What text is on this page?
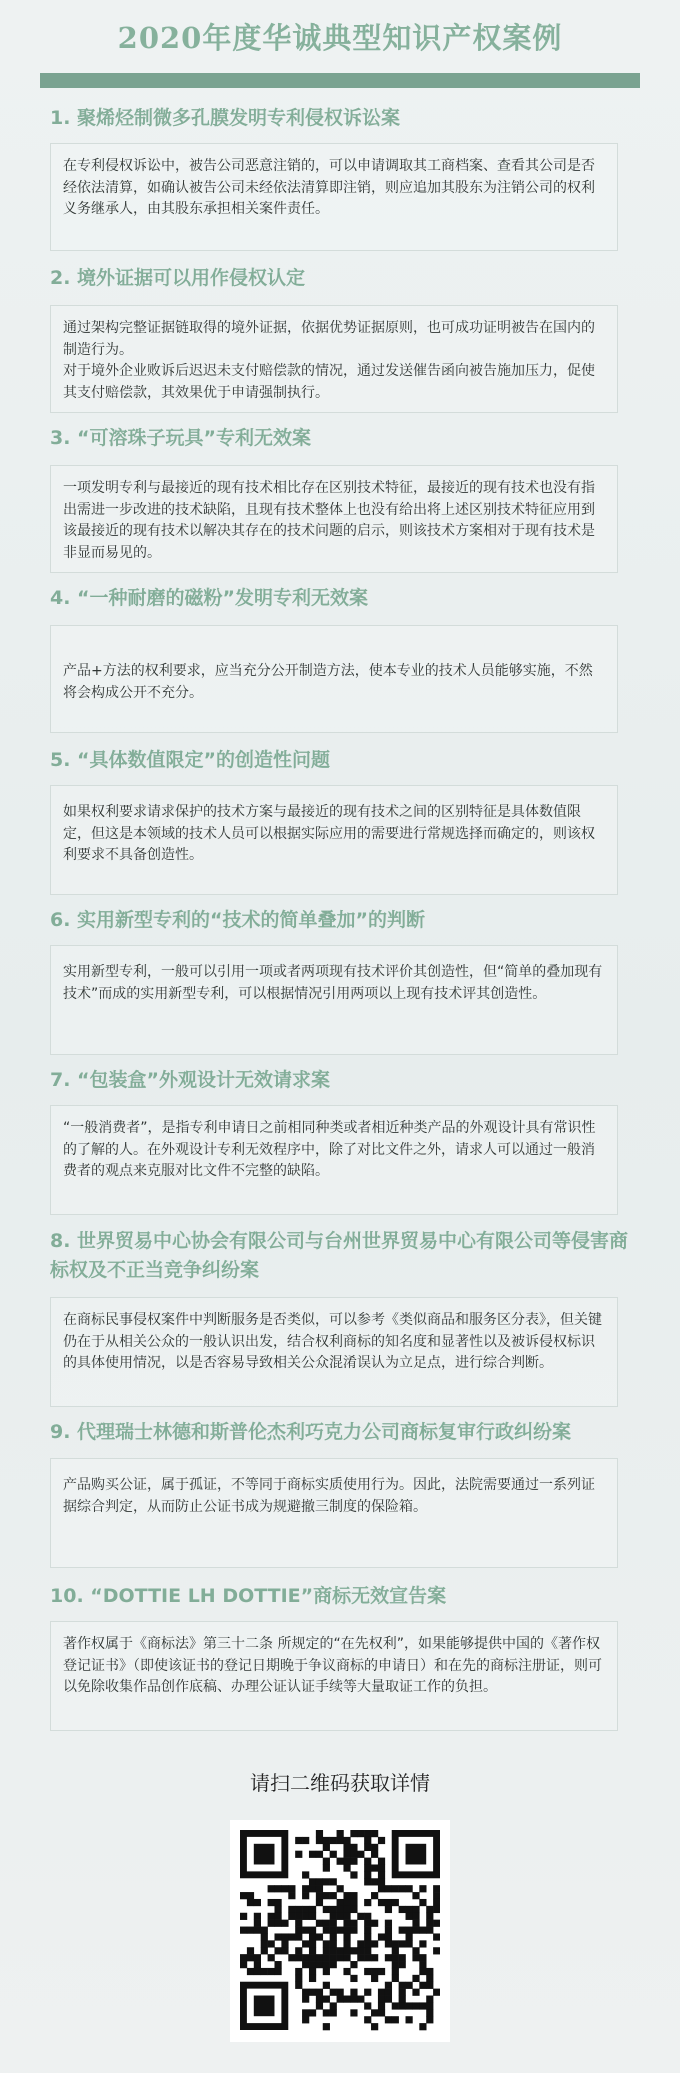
2020年度华诚典型知识产权案例
1. 聚烯烃制微多孔膜发明专利侵权诉讼案

在专利侵权诉讼中，被告公司恶意注销的，可以申请调取其工商档案、查看其公司是否经依法清算，如确认被告公司未经依法清算即注销，则应追加其股东为注销公司的权利义务继承人，由其股东承担相关案件责任。

2. 境外证据可以用作侵权认定

通过架构完整证据链取得的境外证据，依据优势证据原则，也可成功证明被告在国内的制造行为。

对于境外企业败诉后迟迟未支付赔偿款的情况，通过发送催告函向被告施加压力，促使其支付赔偿款，其效果优于申请强制执行。

3. “可溶珠子玩具”专利无效案

一项发明专利与最接近的现有技术相比存在区别技术特征，最接近的现有技术也没有指出需进一步改进的技术缺陷，且现有技术整体上也没有给出将上述区别技术特征应用到该最接近的现有技术以解决其存在的技术问题的启示，则该技术方案相对于现有技术是非显而易见的。

4. “一种耐磨的磁粉”发明专利无效案

产品+方法的权利要求，应当充分公开制造方法，使本专业的技术人员能够实施，不然将会构成公开不充分。

5. “具体数值限定”的创造性问题

如果权利要求请求保护的技术方案与最接近的现有技术之间的区别特征是具体数值限定，但这是本领域的技术人员可以根据实际应用的需要进行常规选择而确定的，则该权利要求不具备创造性。

6. 实用新型专利的“技术的简单叠加”的判断

实用新型专利，一般可以引用一项或者两项现有技术评价其创造性，但“简单的叠加现有技术”而成的实用新型专利，可以根据情况引用两项以上现有技术评其创造性。

7. “包装盒”外观设计无效请求案

“一般消费者”，是指专利申请日之前相同种类或者相近种类产品的外观设计具有常识性的了解的人。在外观设计专利无效程序中，除了对比文件之外，请求人可以通过一般消费者的观点来克服对比文件不完整的缺陷。

8. 世界贸易中心协会有限公司与台州世界贸易中心有限公司等侵害商标权及不正当竞争纠纷案

在商标民事侵权案件中判断服务是否类似，可以参考《类似商品和服务区分表》，但关键仍在于从相关公众的一般认识出发，结合权利商标的知名度和显著性以及被诉侵权标识的具体使用情况，以是否容易导致相关公众混淆误认为立足点，进行综合判断。

9. 代理瑞士林德和斯普伦杰利巧克力公司商标复审行政纠纷案

产品购买公证，属于孤证，不等同于商标实质使用行为。因此，法院需要通过一系列证据综合判定，从而防止公证书成为规避撤三制度的保险箱。

10. “DOTTIE LH DOTTIE”商标无效宣告案

著作权属于《商标法》第三十二条 所规定的“在先权利”，如果能够提供中国的《著作权登记证书》（即使该证书的登记日期晚于争议商标的申请日）和在先的商标注册证，则可以免除收集作品创作底稿、办理公证认证手续等大量取证工作的负担。

请扫二维码获取详情
